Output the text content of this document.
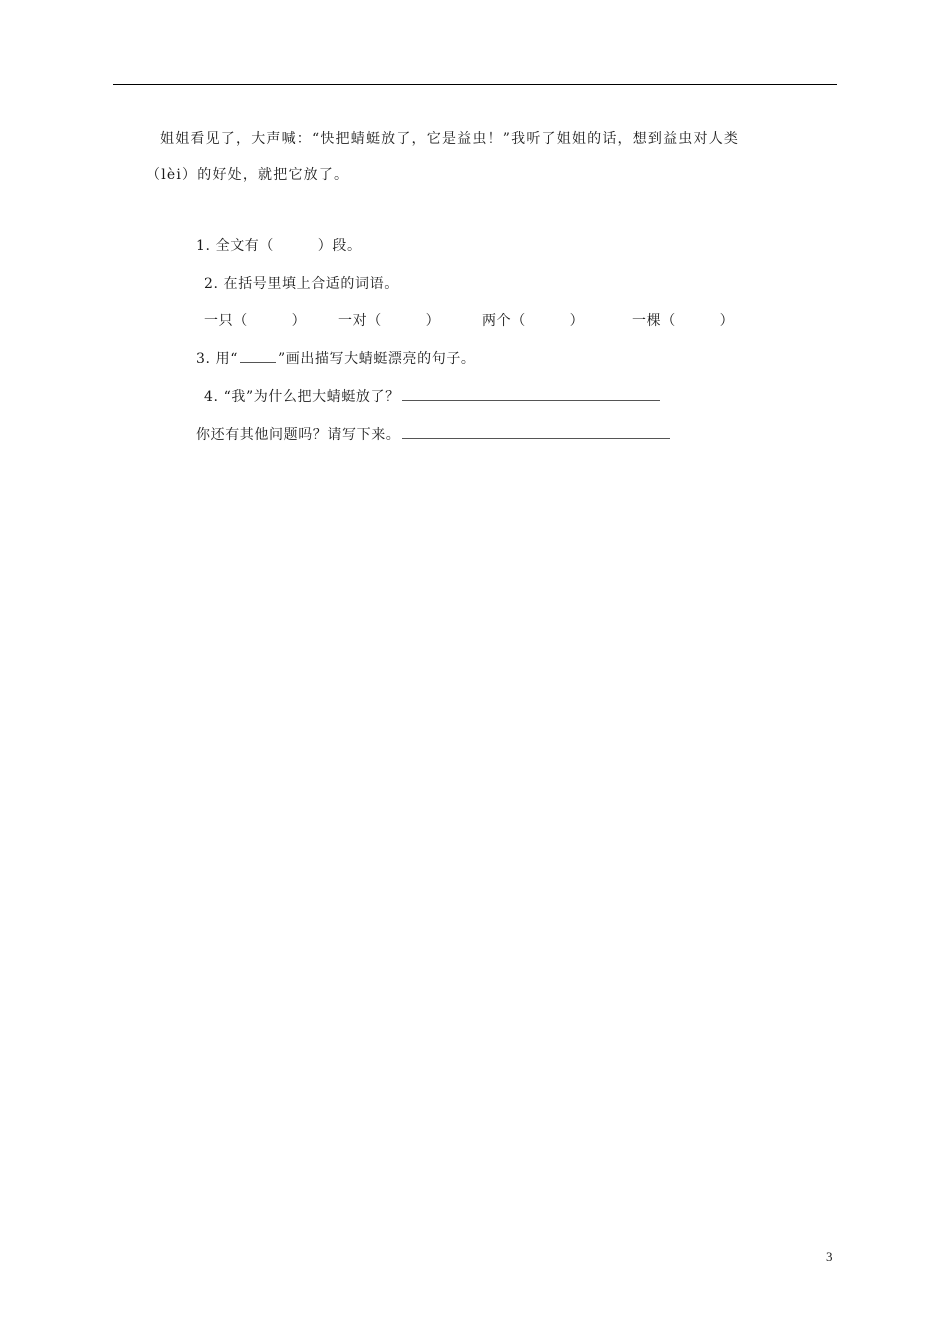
姐姐看见了，大声喊：“快把蜻蜓放了，它是益虫！”我听了姐姐的话，想到益虫对人类
（lèi）的好处，就把它放了。
1. 全文有（　　　）段。
2. 在括号里填上合适的词语。
一只（　　　） 一对（　　　）	两个（　　　）	一棵（　　　）
3. 用“	”画出描写大蜻蜓漂亮的句子。
4. “我”为什么把大蜻蜓放了？
你还有其他问题吗？请写下来。
3
